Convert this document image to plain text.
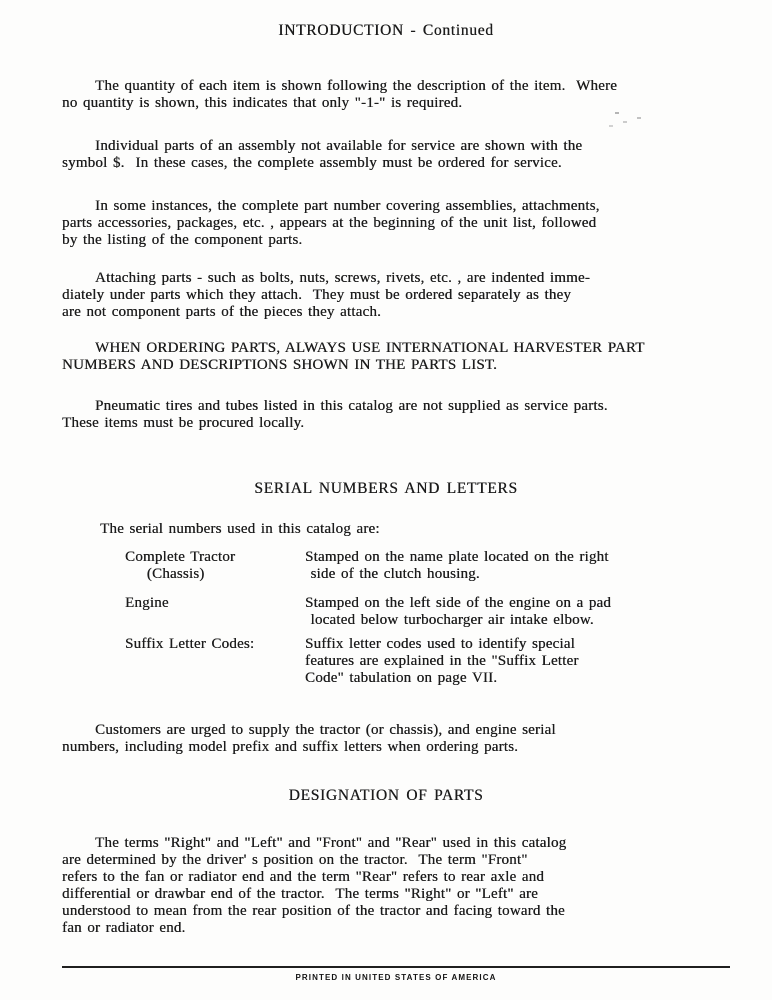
INTRODUCTION - Continued
The quantity of each item is shown following the description of the item.  Where
no quantity is shown, this indicates that only "-1-" is required.
Individual parts of an assembly not available for service are shown with the
symbol $.  In these cases, the complete assembly must be ordered for service.
In some instances, the complete part number covering assemblies, attachments,
parts accessories, packages, etc. , appears at the beginning of the unit list, followed
by the listing of the component parts.
Attaching parts - such as bolts, nuts, screws, rivets, etc. , are indented imme-
diately under parts which they attach.  They must be ordered separately as they
are not component parts of the pieces they attach.
WHEN ORDERING PARTS, ALWAYS USE INTERNATIONAL HARVESTER PART
NUMBERS AND DESCRIPTIONS SHOWN IN THE PARTS LIST.
Pneumatic tires and tubes listed in this catalog are not supplied as service parts.
These items must be procured locally.
SERIAL NUMBERS AND LETTERS
The serial numbers used in this catalog are:
Complete Tractor
(Chassis)
Stamped on the name plate located on the right
side of the clutch housing.
Engine	Stamped on the left side of the engine on a pad
located below turbocharger air intake elbow.
Suffix Letter Codes:	Suffix letter codes used to identify special
features are explained in the "Suffix Letter
Code" tabulation on page VII.
Customers are urged to supply the tractor (or chassis), and engine serial
numbers, including model prefix and suffix letters when ordering parts.
DESIGNATION OF PARTS
The terms "Right" and "Left" and "Front" and "Rear" used in this catalog
are determined by the driver' s position on the tractor.  The term "Front"
refers to the fan or radiator end and the term "Rear" refers to rear axle and
differential or drawbar end of the tractor.  The terms "Right" or "Left" are
understood to mean from the rear position of the tractor and facing toward the
fan or radiator end.
PRINTED IN UNITED STATES OF AMERICA
